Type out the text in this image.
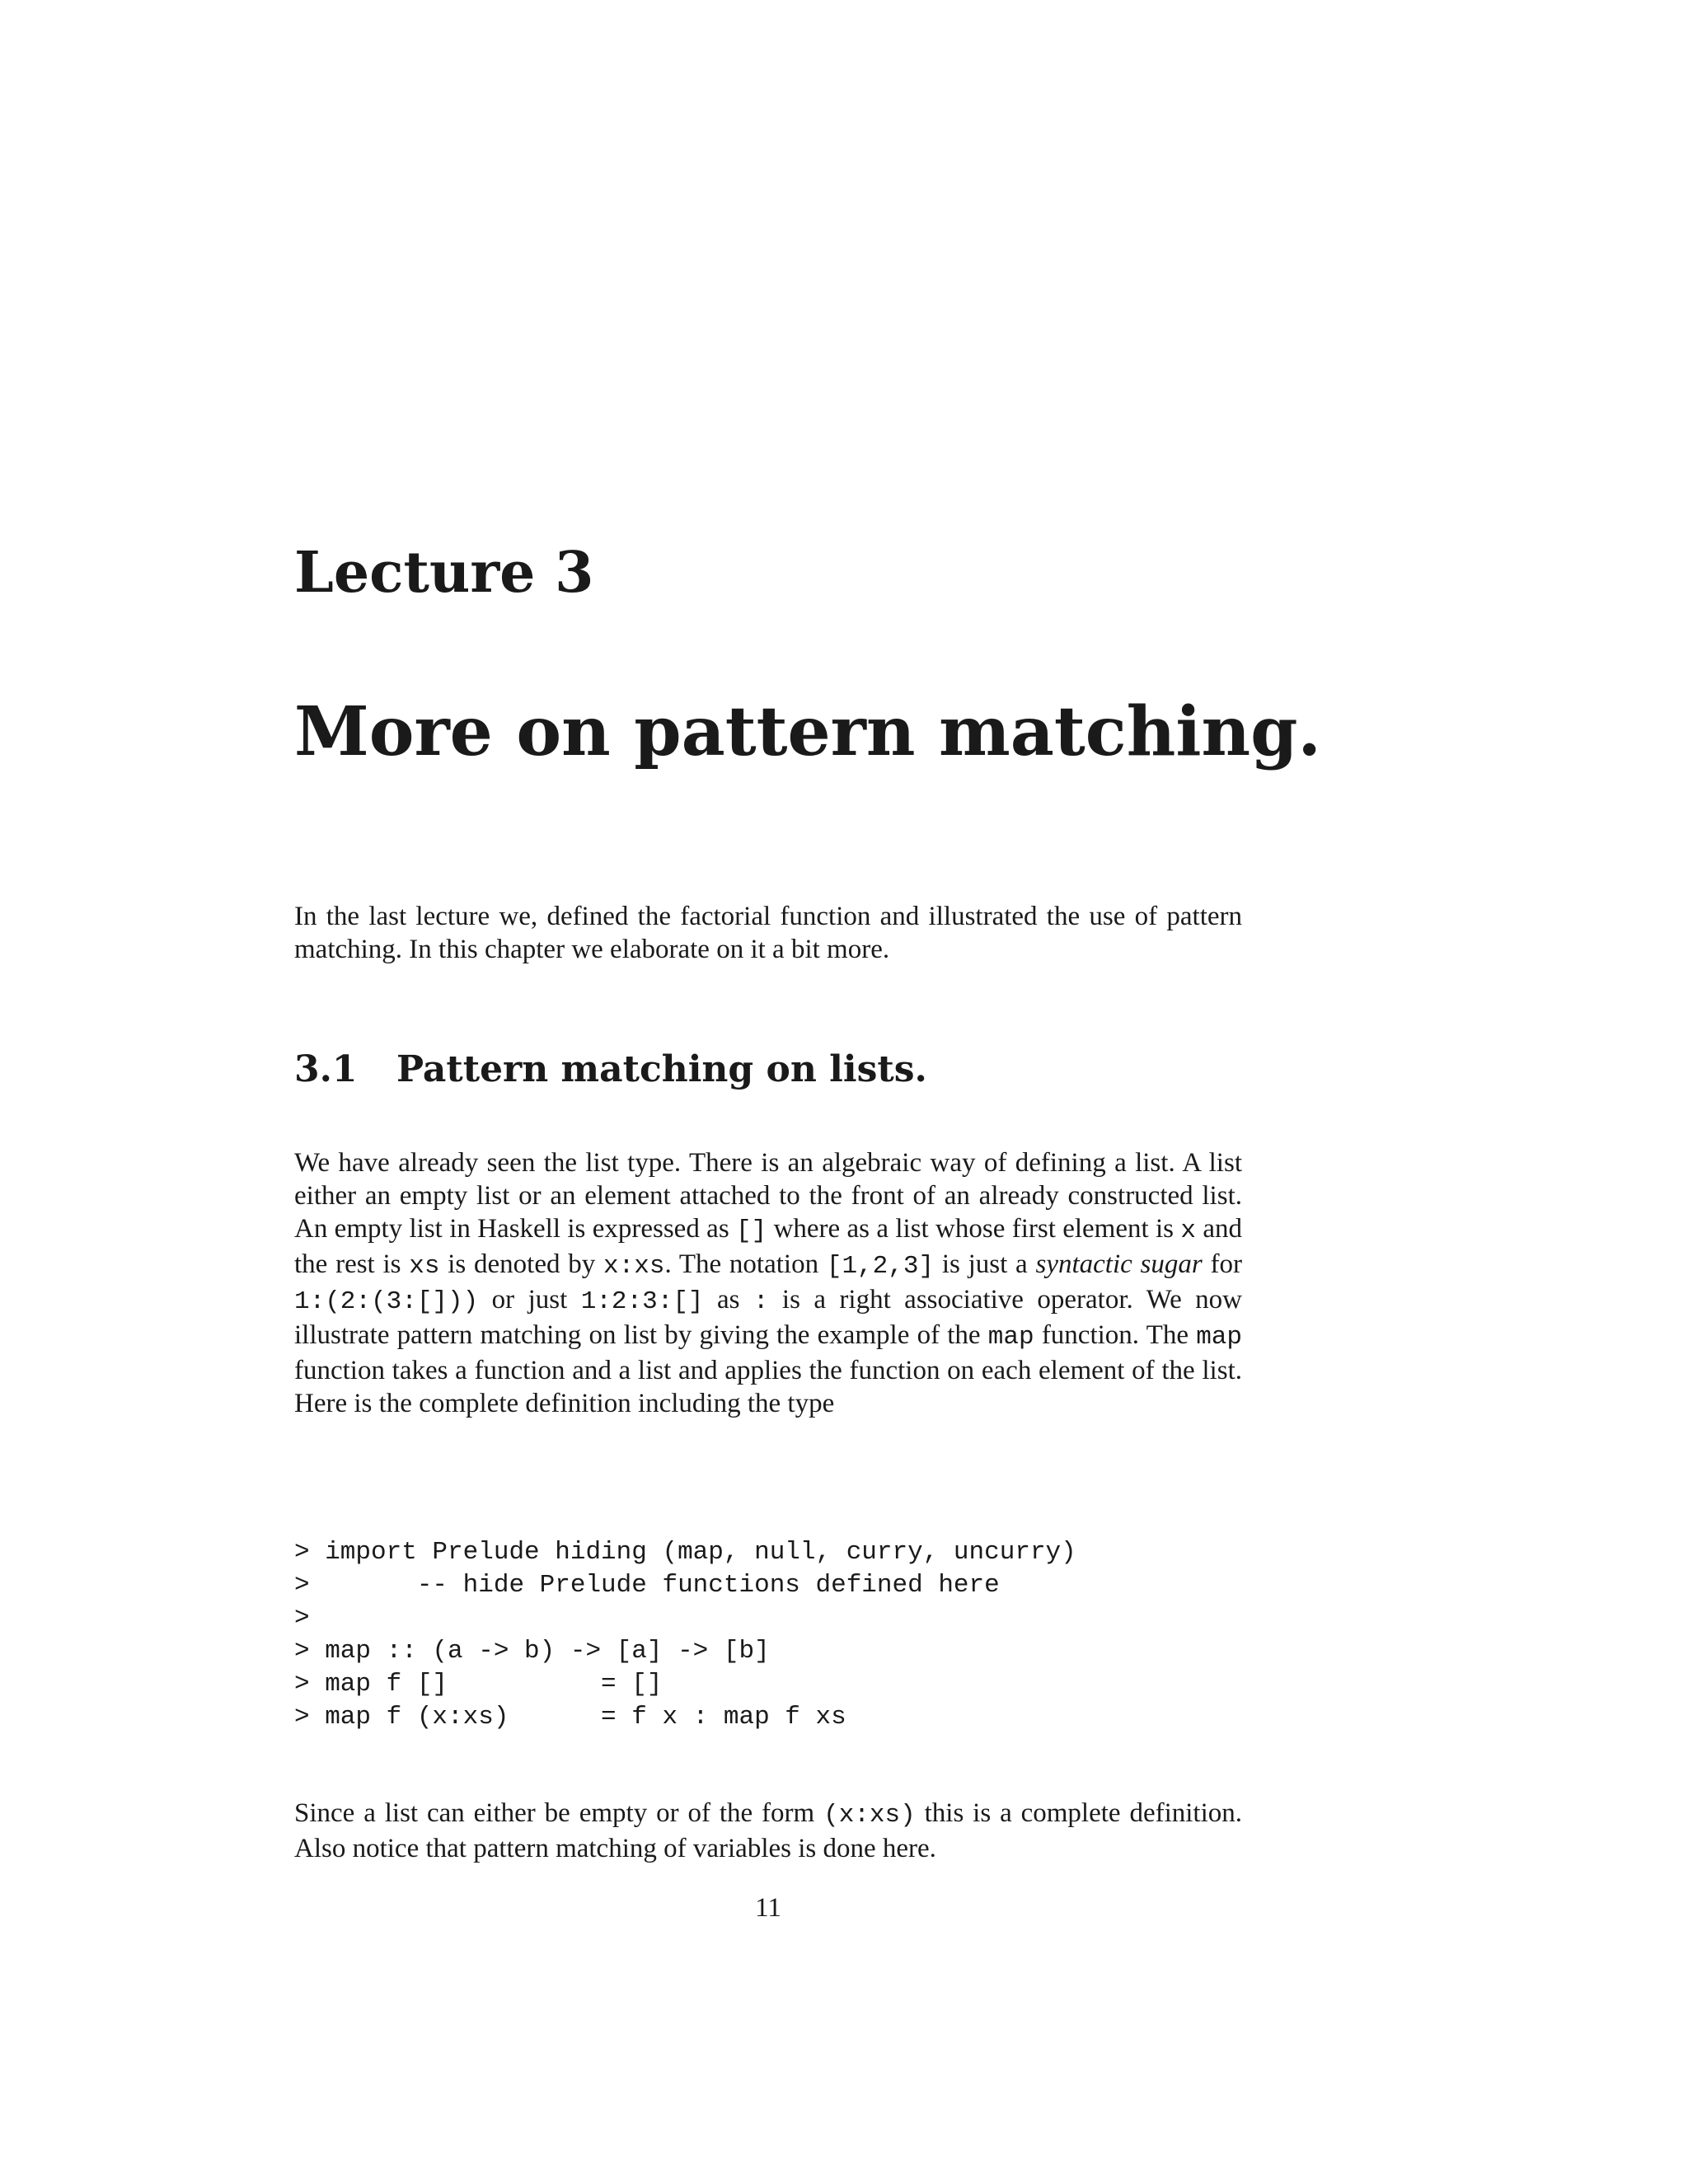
Lecture 3
More on pattern matching.

In the last lecture we, defined the factorial function and illustrated the use of pattern matching. In this chapter we elaborate on it a bit more.

3.1 Pattern matching on lists.

We have already seen the list type. There is an algebraic way of defining a list. A list either an empty list or an element attached to the front of an already constructed list. An empty list in Haskell is expressed as [] where as a list whose first element is x and the rest is xs is denoted by x:xs. The notation [1,2,3] is just a syntactic sugar for 1:(2:(3:[])) or just 1:2:3:[] as : is a right associative operator. We now illustrate pattern matching on list by giving the example of the map function. The map function takes a function and a list and applies the function on each element of the list. Here is the complete definition including the type

> import Prelude hiding (map, null, curry, uncurry)
>       -- hide Prelude functions defined here
>
> map :: (a -> b) -> [a] -> [b]
> map f []          = []
> map f (x:xs)      = f x : map f xs

Since a list can either be empty or of the form (x:xs) this is a complete definition. Also notice that pattern matching of variables is done here.

11
